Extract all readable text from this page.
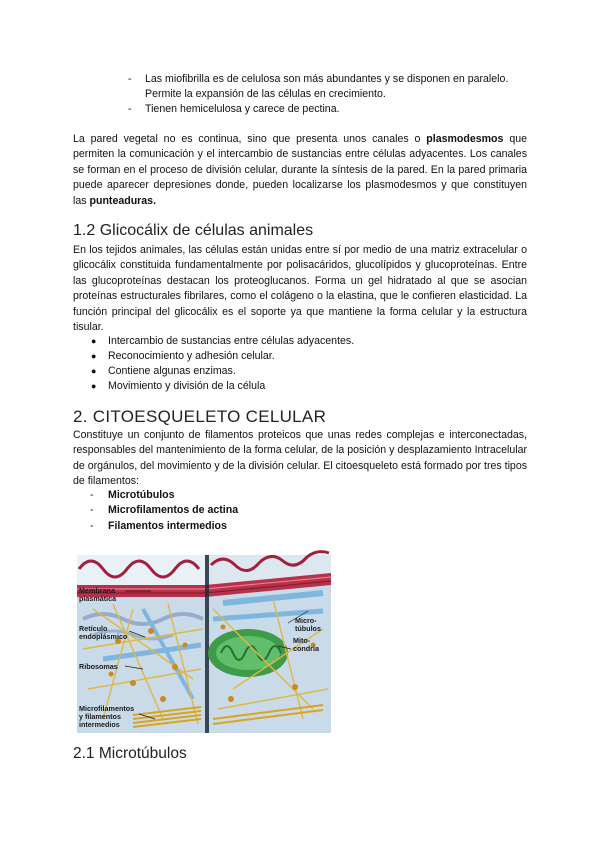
- Las miofibrilla es de celulosa son más abundantes y se disponen en paralelo. Permite la expansión de las células en crecimiento.
- Tienen hemicelulosa y carece de pectina.

La pared vegetal no es continua, sino que presenta unos canales o plasmodesmos que permiten la comunicación y el intercambio de sustancias entre células adyacentes. Los canales se forman en el proceso de división celular, durante la síntesis de la pared. En la pared primaria puede aparecer depresiones donde, pueden localizarse los plasmodesmos y que constituyen las punteaduras.

1.2 Glicocálix de células animales

En los tejidos animales, las células están unidas entre sí por medio de una matriz extracelular o glicocálix constituida fundamentalmente por polisacáridos, glucolípidos y glucoproteínas. Entre las glucoproteínas destacan los proteoglucanos. Forma un gel hidratado al que se asocian proteínas estructurales fibrilares, como el colágeno o la elastina, que le confieren elasticidad. La función principal del glicocálix es el soporte ya que mantiene la forma celular y la estructura tisular.

● Intercambio de sustancias entre células adyacentes.
● Reconocimiento y adhesión celular.
● Contiene algunas enzimas.
● Movimiento y división de la célula
2. CITOESQUELETO CELULAR

Constituye un conjunto de filamentos proteicos que unas redes complejas e interconectadas, responsables del mantenimiento de la forma celular, de la posición y desplazamiento Intracelular de orgánulos, del movimiento y de la división celular. El citoesqueleto está formado por tres tipos de filamentos:

- Microtúbulos
- Microfilamentos de actina
- Filamentos intermedios
Membrana plasmática
Retículo endoplásmico
Ribosomas
Microfilamentos y filamentos intermedios
Micro- túbulos
Mito- condria
2.1 Microtúbulos
